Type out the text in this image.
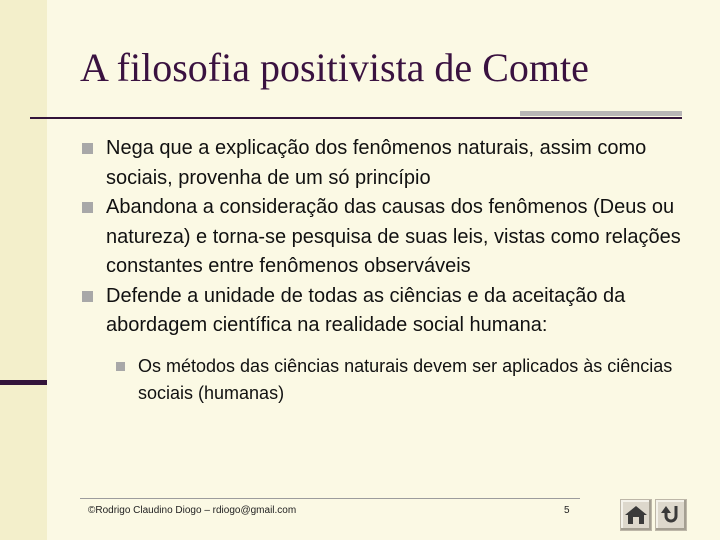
A filosofia positivista de Comte
Nega que a explicação dos fenômenos naturais, assim como sociais, provenha de um só princípio
Abandona a consideração das causas dos fenômenos (Deus ou natureza) e torna-se pesquisa de suas leis, vistas como relações constantes entre fenômenos observáveis
Defende a unidade de todas as ciências e da aceitação da abordagem científica na realidade social humana:
Os métodos das ciências naturais devem ser aplicados às ciências sociais (humanas)
©Rodrigo Claudino Diogo – rdiogo@gmail.com	5
